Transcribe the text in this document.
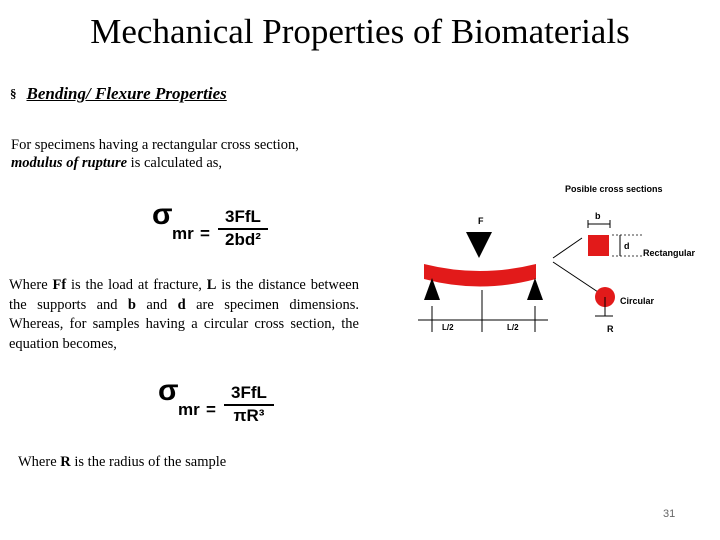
Mechanical Properties of Biomaterials
§ Bending/ Flexure Properties
For specimens having a rectangular cross section,
modulus of rupture is calculated as,
σ
mr =
3FfL
2bd²
Where Ff is the load at fracture, L is the distance between the supports and b and d are specimen dimensions. Whereas, for samples having a circular cross section, the equation becomes,
σ
mr =
3FfL
πR³
Where R is the radius of the sample
Posible cross sections
F
L/2	L/2
b
d
Rectangular
Circular
R
31
